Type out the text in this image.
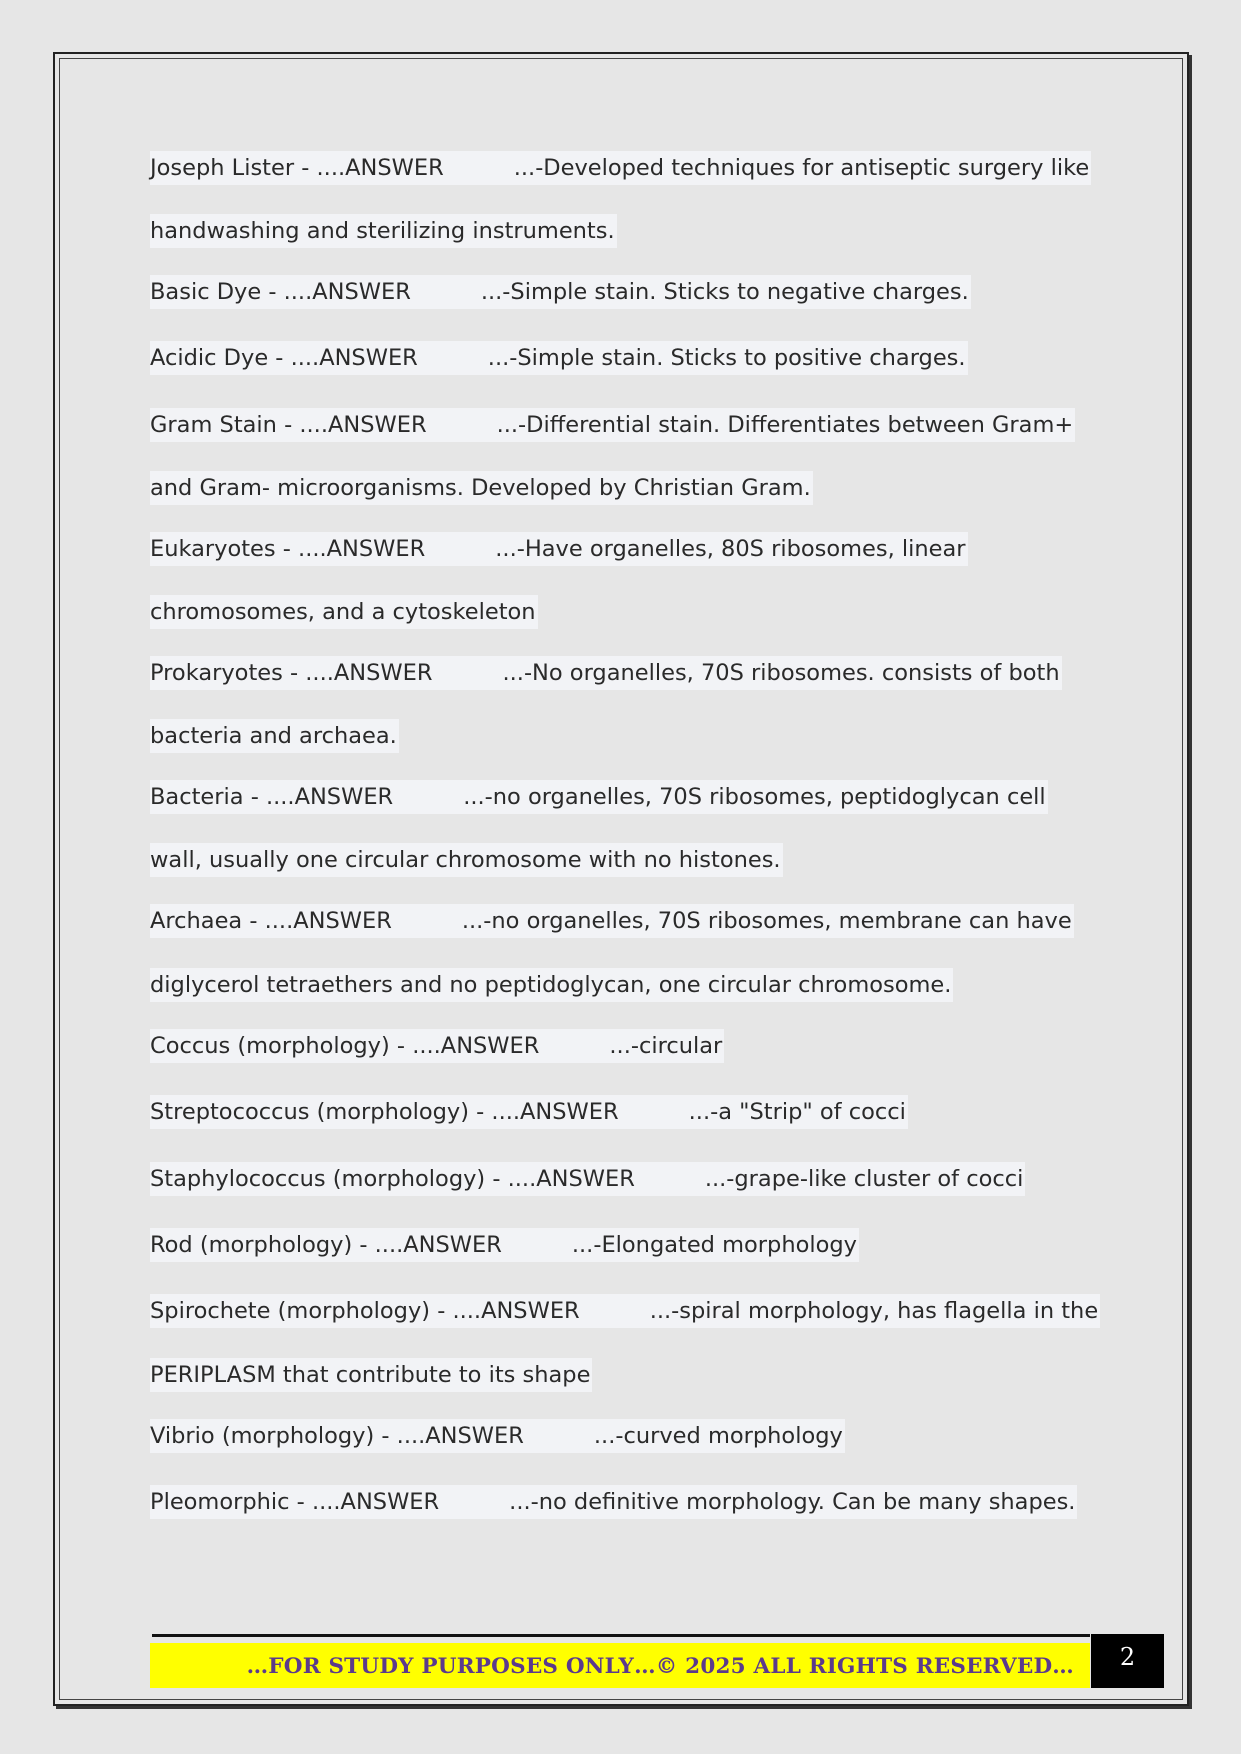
Joseph Lister - ....ANSWER	...-Developed techniques for antiseptic surgery like
handwashing and sterilizing instruments.
Basic Dye - ....ANSWER	...-Simple stain. Sticks to negative charges.
Acidic Dye - ....ANSWER	...-Simple stain. Sticks to positive charges.
Gram Stain - ....ANSWER	...-Differential stain. Differentiates between Gram+
and Gram- microorganisms. Developed by Christian Gram.
Eukaryotes - ....ANSWER	...-Have organelles, 80S ribosomes, linear
chromosomes, and a cytoskeleton
Prokaryotes - ....ANSWER	...-No organelles, 70S ribosomes. consists of both
bacteria and archaea.
Bacteria - ....ANSWER	...-no organelles, 70S ribosomes, peptidoglycan cell
wall, usually one circular chromosome with no histones.
Archaea - ....ANSWER	...-no organelles, 70S ribosomes, membrane can have
diglycerol tetraethers and no peptidoglycan, one circular chromosome.
Coccus (morphology) - ....ANSWER	...-circular
Streptococcus (morphology) - ....ANSWER	...-a "Strip" of cocci
Staphylococcus (morphology) - ....ANSWER	...-grape-like cluster of cocci
Rod (morphology) - ....ANSWER	...-Elongated morphology
Spirochete (morphology) - ....ANSWER	...-spiral morphology, has flagella in the
PERIPLASM that contribute to its shape
Vibrio (morphology) - ....ANSWER	...-curved morphology
Pleomorphic - ....ANSWER	...-no definitive morphology. Can be many shapes.
…FOR STUDY PURPOSES ONLY…© 2025 ALL RIGHTS RESERVED…	2
